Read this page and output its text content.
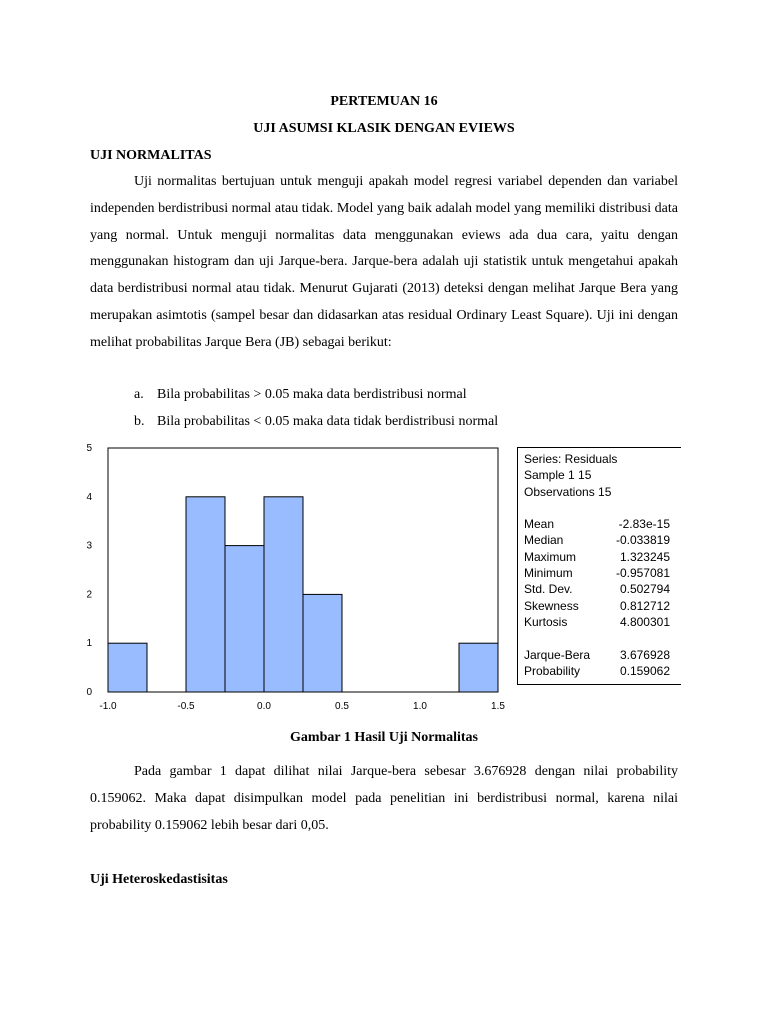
PERTEMUAN 16
UJI ASUMSI KLASIK DENGAN EVIEWS
UJI NORMALITAS

Uji normalitas bertujuan untuk menguji apakah model regresi variabel dependen dan variabel independen berdistribusi normal atau tidak. Model yang baik adalah model yang memiliki distribusi data yang normal. Untuk menguji normalitas data menggunakan eviews ada dua cara, yaitu dengan menggunakan histogram dan uji Jarque-bera. Jarque-bera adalah uji statistik untuk mengetahui apakah data berdistribusi normal atau tidak. Menurut Gujarati (2013) deteksi dengan melihat Jarque Bera yang merupakan asimtotis (sampel besar dan didasarkan atas residual Ordinary Least Square). Uji ini dengan melihat probabilitas Jarque Bera (JB) sebagai berikut:

a. Bila probabilitas > 0.05 maka data berdistribusi normal
b. Bila probabilitas < 0.05 maka data tidak berdistribusi normal
0
1
2
3
4
5
-1.0	-0.5	0.0	0.5	1.0	1.5
Series: Residuals
Sample 1 15
Observations 15
Mean	-2.83e-15
Median	-0.033819
Maximum	1.323245
Minimum	-0.957081
Std. Dev.	0.502794
Skewness	0.812712
Kurtosis	4.800301
Jarque-Bera	3.676928
Probability	0.159062
Gambar 1 Hasil Uji Normalitas

Pada gambar 1 dapat dilihat nilai Jarque-bera sebesar 3.676928 dengan nilai probability 0.159062. Maka dapat disimpulkan model pada penelitian ini berdistribusi normal, karena nilai probability 0.159062 lebih besar dari 0,05.

Uji Heteroskedastisitas
